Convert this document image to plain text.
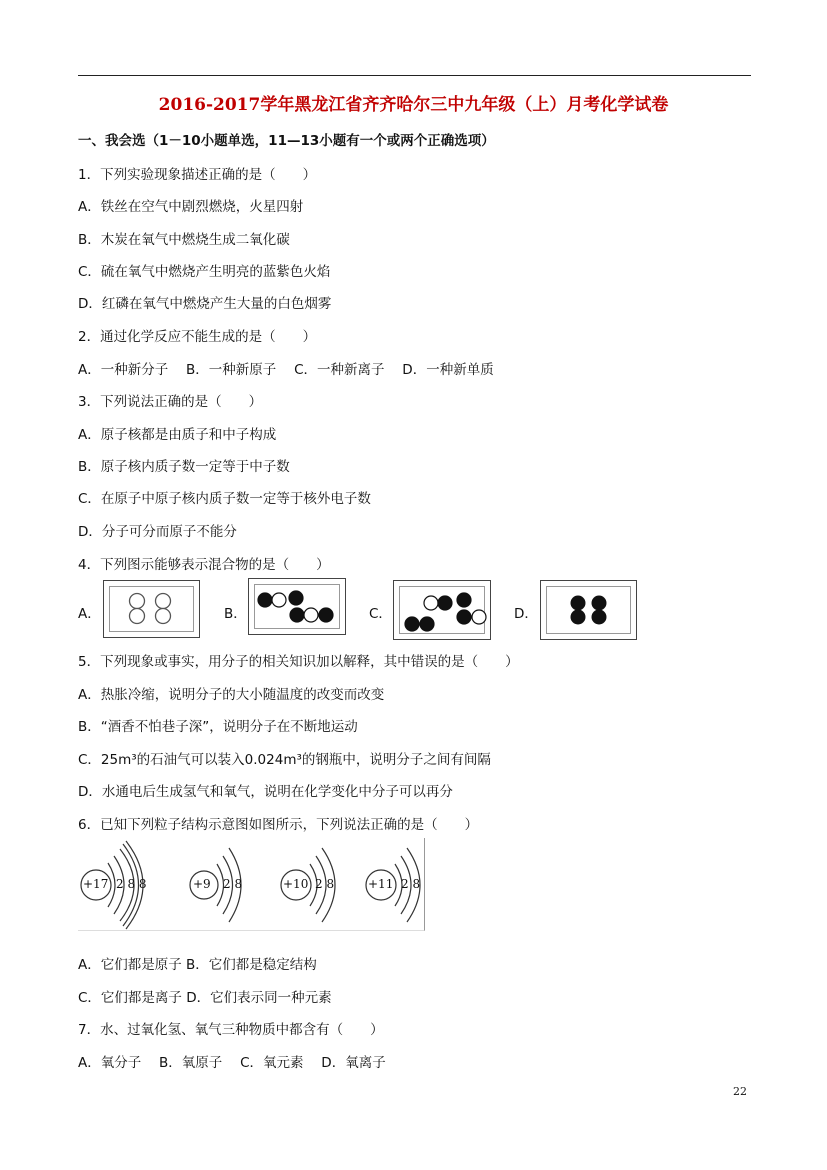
2016-2017学年黑龙江省齐齐哈尔三中九年级（上）月考化学试卷
一、我会选（1－10小题单选，11—13小题有一个或两个正确选项）
1．下列实验现象描述正确的是（　　）
A．铁丝在空气中剧烈燃烧，火星四射
B．木炭在氧气中燃烧生成二氧化碳
C．硫在氧气中燃烧产生明亮的蓝紫色火焰
D．红磷在氧气中燃烧产生大量的白色烟雾
2．通过化学反应不能生成的是（　　）
A．一种新分子　 B．一种新原子　 C．一种新离子　 D．一种新单质
3．下列说法正确的是（　　）
A．原子核都是由质子和中子构成
B．原子核内质子数一定等于中子数
C．在原子中原子核内质子数一定等于核外电子数
D．分子可分而原子不能分
4．下列图示能够表示混合物的是（　　）
A．	B．	C．	D．
5．下列现象或事实，用分子的相关知识加以解释，其中错误的是（　　）
A．热胀冷缩，说明分子的大小随温度的改变而改变
B．“酒香不怕巷子深”，说明分子在不断地运动
C．25m³的石油气可以装入0.024m³的钢瓶中，说明分子之间有间隔
D．水通电后生成氢气和氧气，说明在化学变化中分子可以再分
6．已知下列粒子结构示意图如图所示，下列说法正确的是（　　）
+17 2 8 8	+9 2 8	+10 2 8	+11 2 8
A．它们都是原子 B．它们都是稳定结构
C．它们都是离子 D．它们表示同一种元素
7．水、过氧化氢、氧气三种物质中都含有（　　）
A．氧分子　 B．氧原子　 C．氧元素　 D．氧离子
22
